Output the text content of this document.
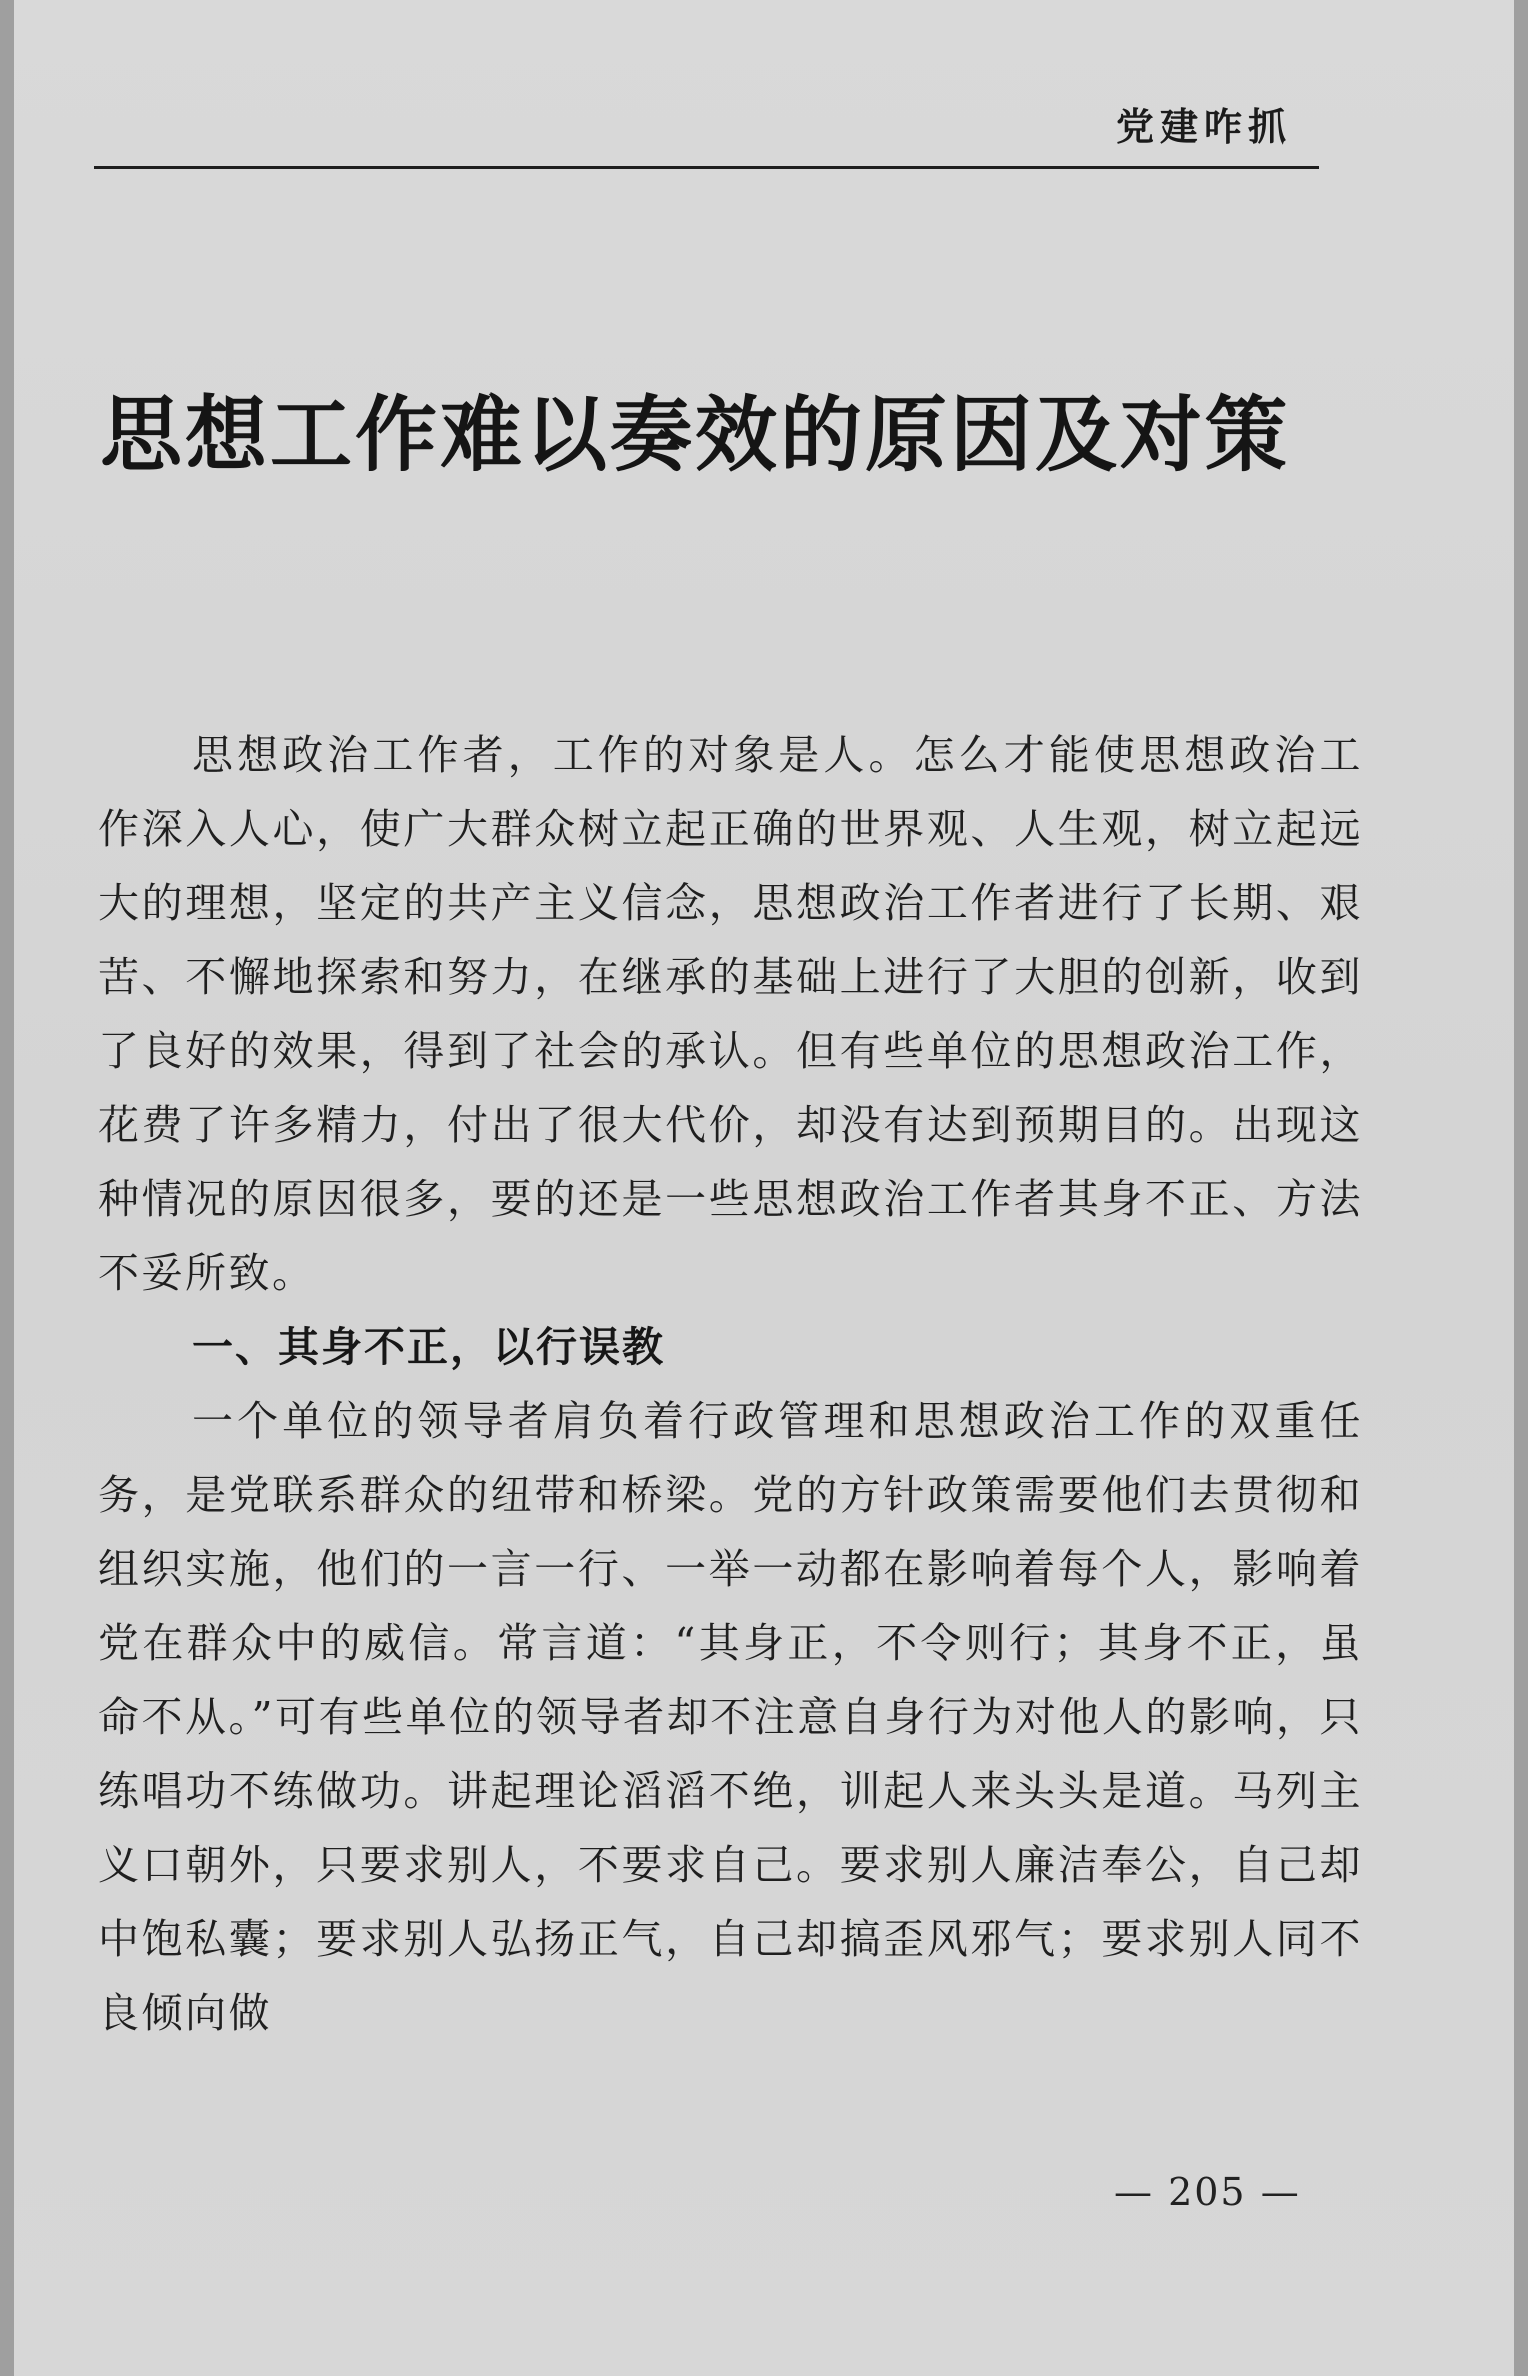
党建咋抓
思想工作难以奏效的原因及对策

思想政治工作者，工作的对象是人。怎么才能使思想政治工作深入人心，使广大群众树立起正确的世界观、人生观，树立起远大的理想，坚定的共产主义信念，思想政治工作者进行了长期、艰苦、不懈地探索和努力，在继承的基础上进行了大胆的创新，收到了良好的效果，得到了社会的承认。但有些单位的思想政治工作，花费了许多精力，付出了很大代价，却没有达到预期目的。出现这种情况的原因很多，要的还是一些思想政治工作者其身不正、方法不妥所致。

一、其身不正，以行误教

一个单位的领导者肩负着行政管理和思想政治工作的双重任务，是党联系群众的纽带和桥梁。党的方针政策需要他们去贯彻和组织实施，他们的一言一行、一举一动都在影响着每个人，影响着党在群众中的威信。常言道：“其身正，不令则行；其身不正，虽命不从。”可有些单位的领导者却不注意自身行为对他人的影响，只练唱功不练做功。讲起理论滔滔不绝，训起人来头头是道。马列主义口朝外，只要求别人，不要求自己。要求别人廉洁奉公，自己却中饱私囊；要求别人弘扬正气，自己却搞歪风邪气；要求别人同不良倾向做

— 205 —
